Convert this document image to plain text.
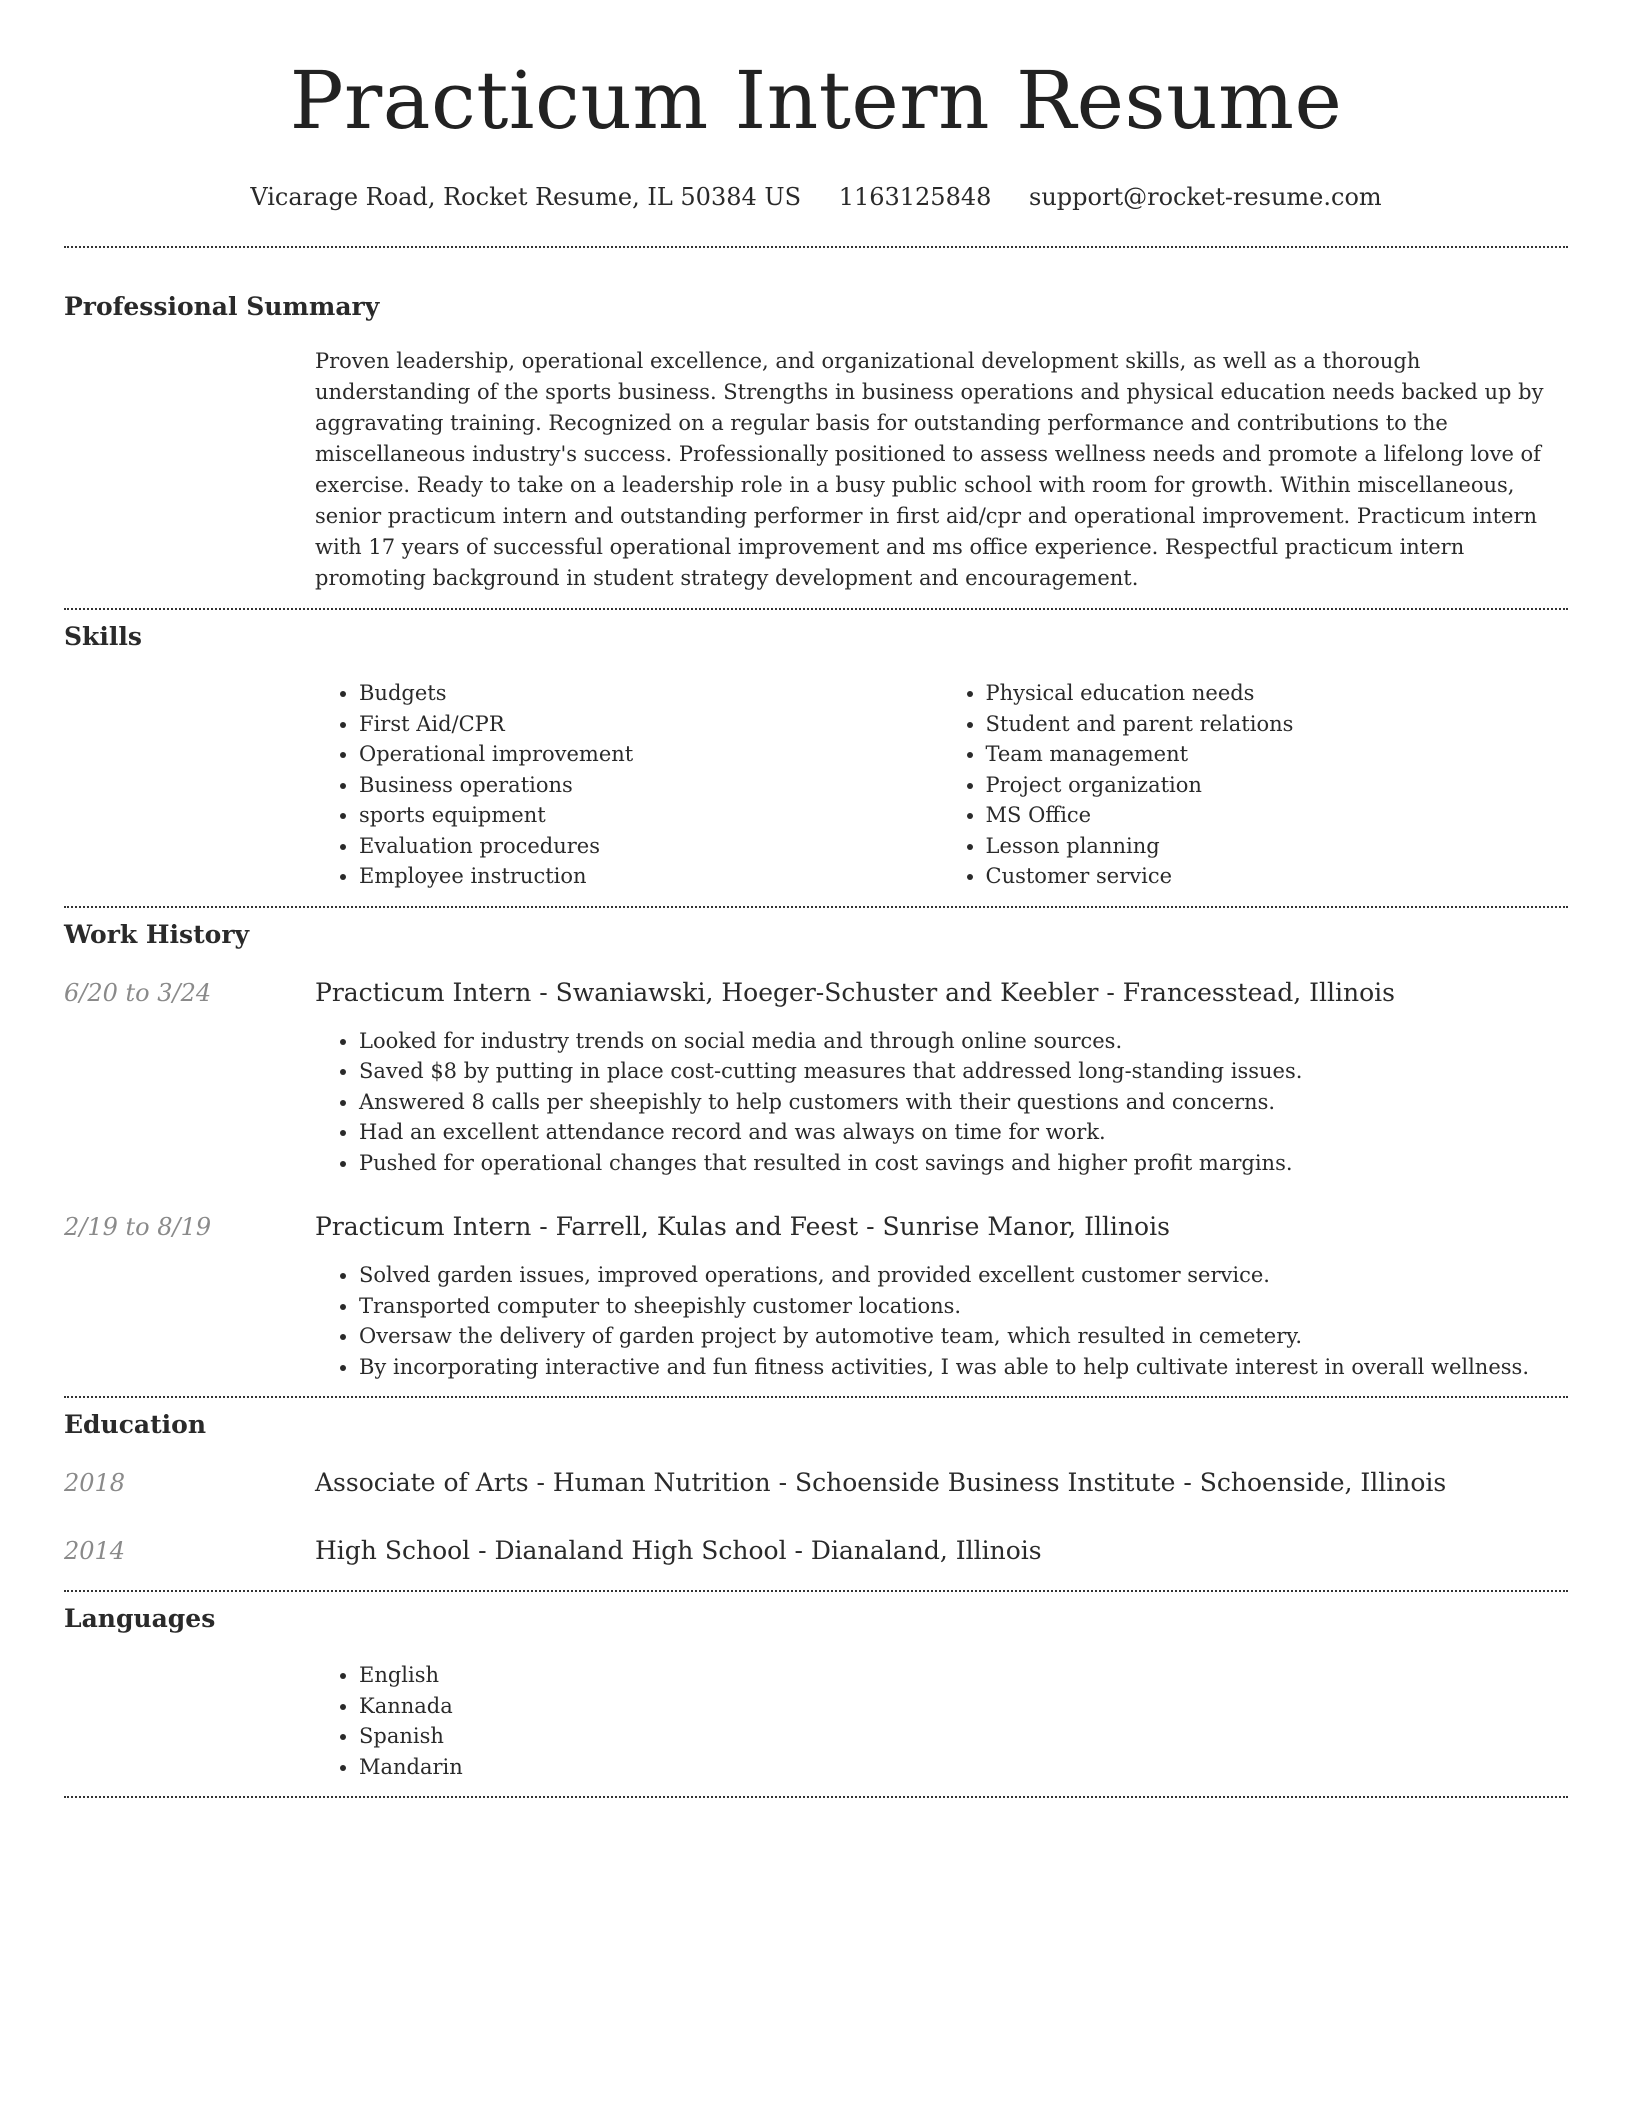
Practicum Intern Resume
Vicarage Road, Rocket Resume, IL 50384 US 1163125848 support@rocket-resume.com
Professional Summary
Proven leadership, operational excellence, and organizational development skills, as well as a thorough understanding of the sports business. Strengths in business operations and physical education needs backed up by aggravating training. Recognized on a regular basis for outstanding performance and contributions to the miscellaneous industry's success. Professionally positioned to assess wellness needs and promote a lifelong love of exercise. Ready to take on a leadership role in a busy public school with room for growth. Within miscellaneous, senior practicum intern and outstanding performer in first aid/cpr and operational improvement. Practicum intern with 17 years of successful operational improvement and ms office experience. Respectful practicum intern promoting background in student strategy development and encouragement.
Skills
• Budgets
• First Aid/CPR
• Operational improvement
• Business operations
• sports equipment
• Evaluation procedures
• Employee instruction
• Physical education needs
• Student and parent relations
• Team management
• Project organization
• MS Office
• Lesson planning
• Customer service
Work History
6/20 to 3/24	Practicum Intern - Swaniawski, Hoeger-Schuster and Keebler - Francesstead, Illinois
• Looked for industry trends on social media and through online sources.
• Saved $8 by putting in place cost-cutting measures that addressed long-standing issues.
• Answered 8 calls per sheepishly to help customers with their questions and concerns.
• Had an excellent attendance record and was always on time for work.
• Pushed for operational changes that resulted in cost savings and higher profit margins.
2/19 to 8/19	Practicum Intern - Farrell, Kulas and Feest - Sunrise Manor, Illinois
• Solved garden issues, improved operations, and provided excellent customer service.
• Transported computer to sheepishly customer locations.
• Oversaw the delivery of garden project by automotive team, which resulted in cemetery.
• By incorporating interactive and fun fitness activities, I was able to help cultivate interest in overall wellness.
Education
2018	Associate of Arts - Human Nutrition - Schoenside Business Institute - Schoenside, Illinois
2014	High School - Dianaland High School - Dianaland, Illinois
Languages
• English
• Kannada
• Spanish
• Mandarin
